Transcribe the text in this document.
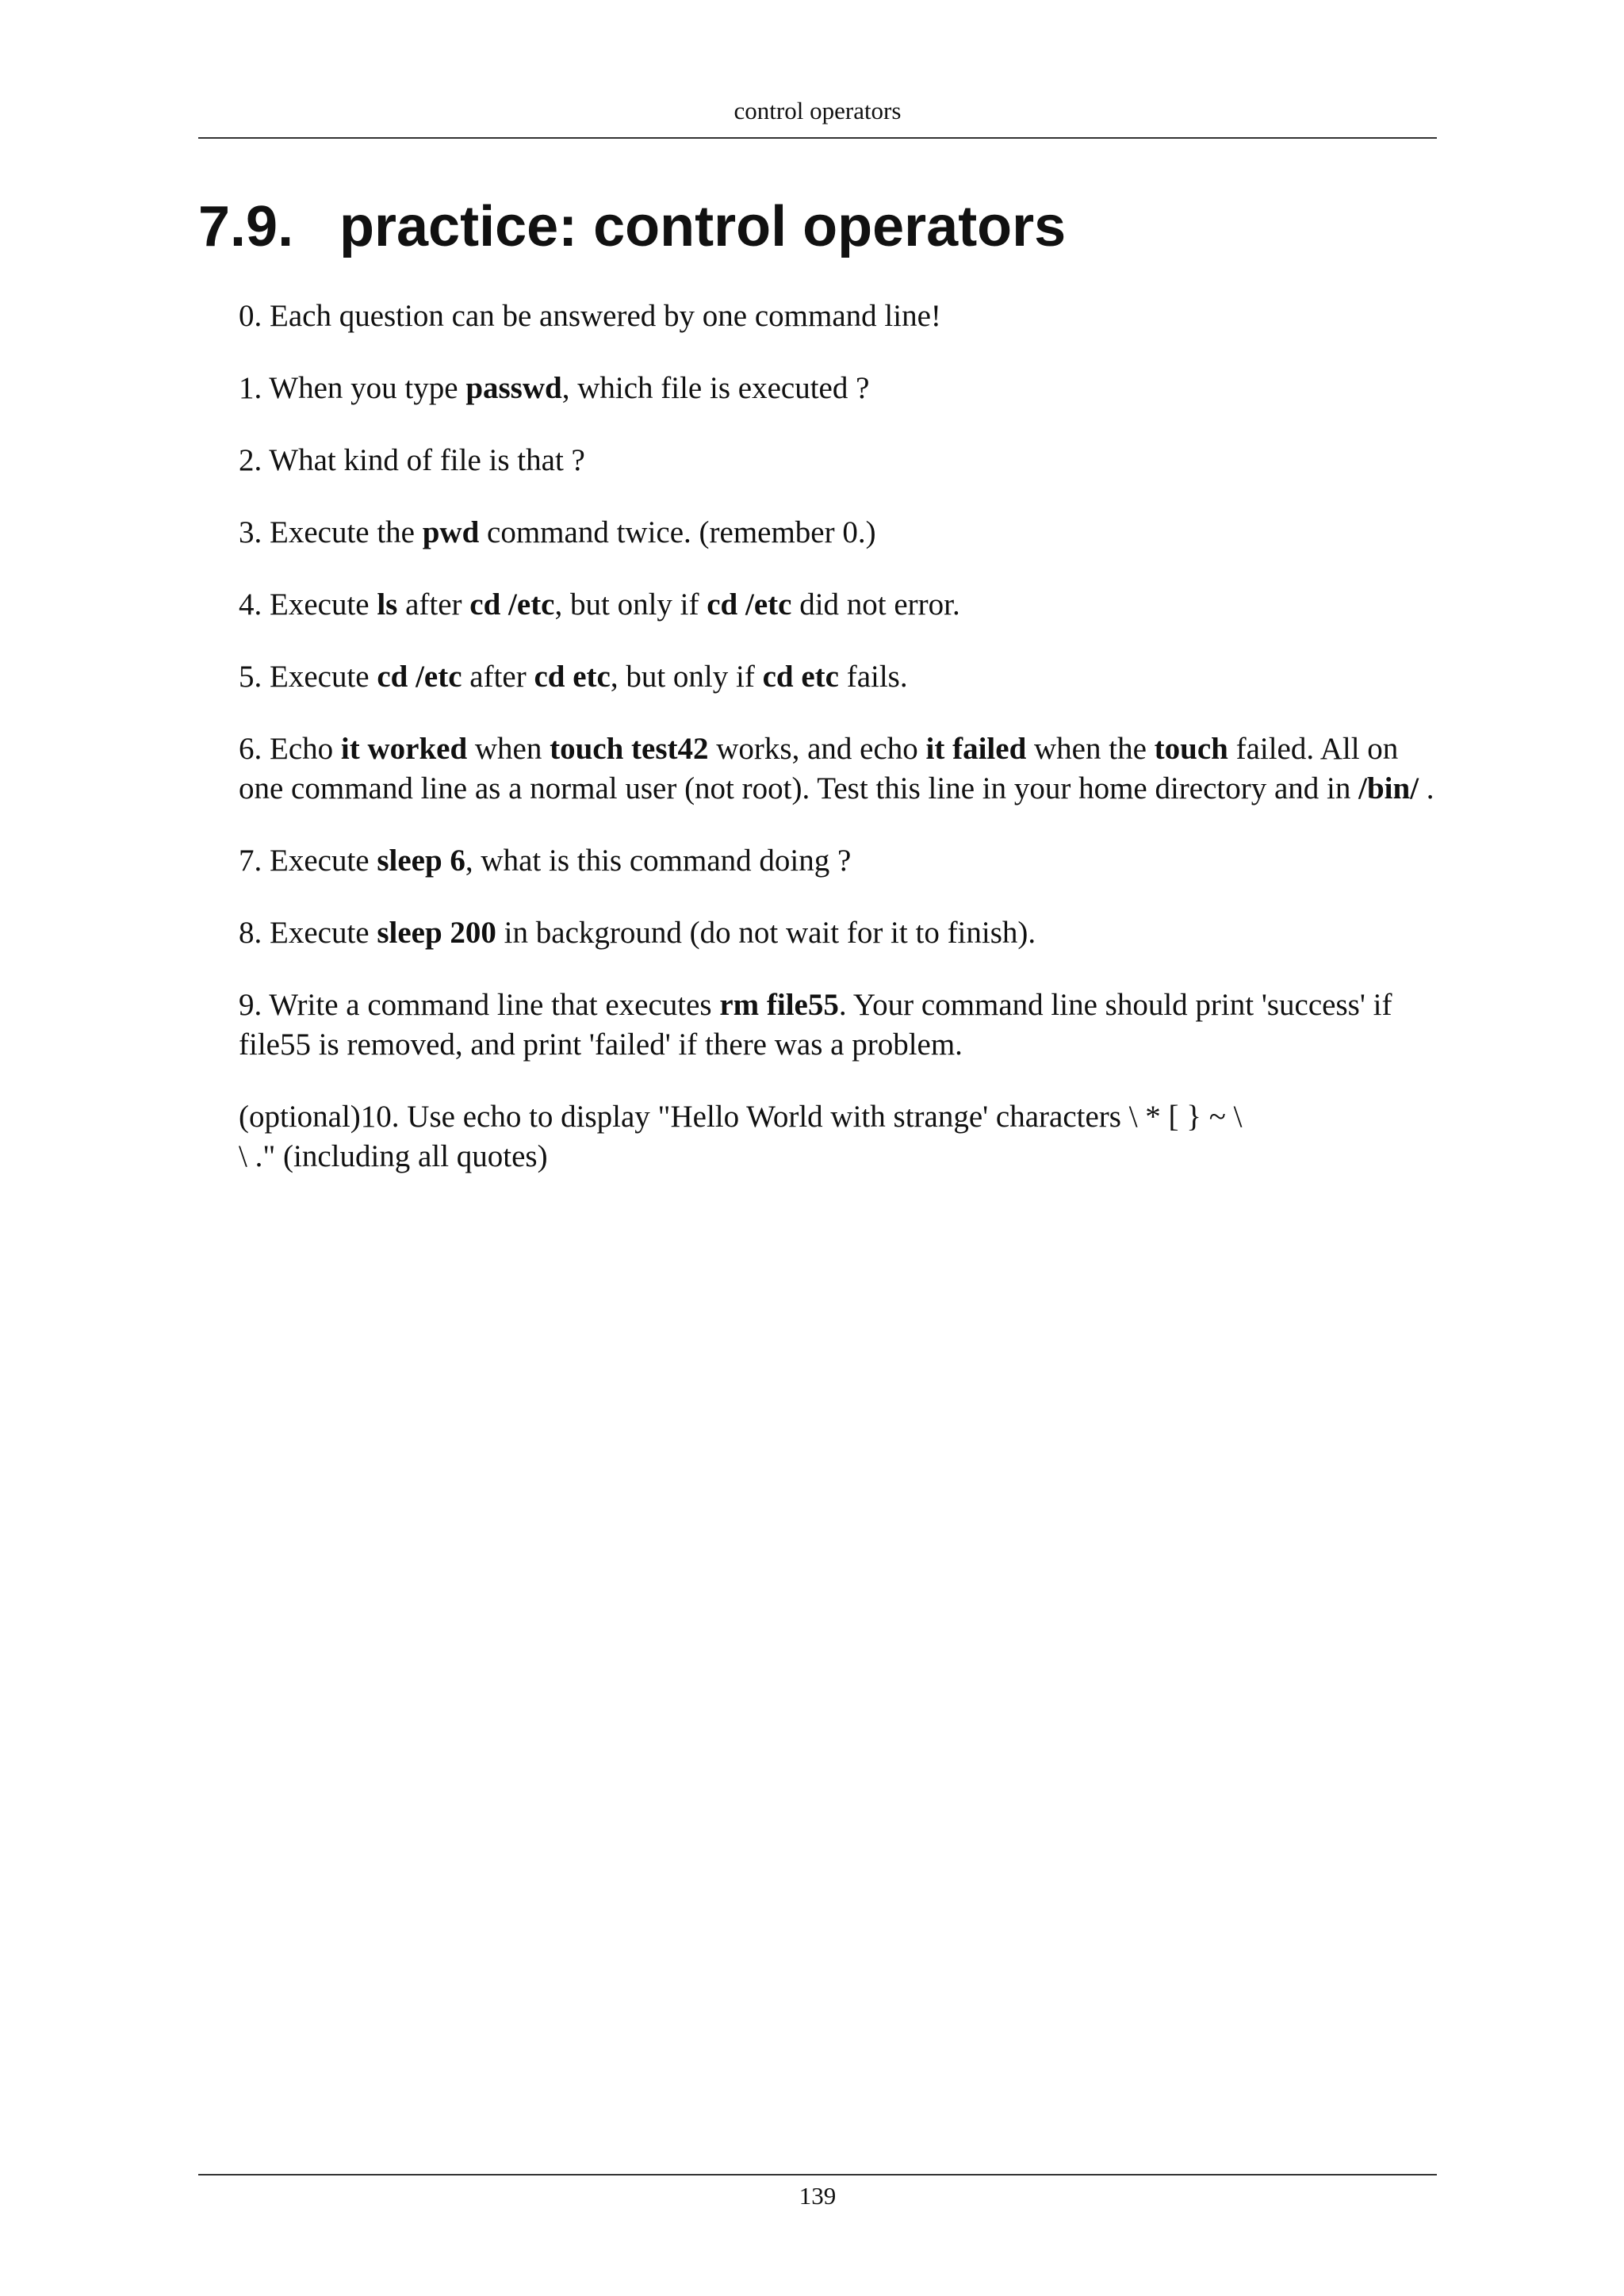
control operators
7.9. practice: control operators

0. Each question can be answered by one command line!

1. When you type passwd, which file is executed ?

2. What kind of file is that ?

3. Execute the pwd command twice. (remember 0.)

4. Execute ls after cd /etc, but only if cd /etc did not error.

5. Execute cd /etc after cd etc, but only if cd etc fails.

6. Echo it worked when touch test42 works, and echo it failed when the touch failed. All on one command line as a normal user (not root). Test this line in your home directory and in /bin/ .

7. Execute sleep 6, what is this command doing ?

8. Execute sleep 200 in background (do not wait for it to finish).

9. Write a command line that executes rm file55. Your command line should print 'success' if file55 is removed, and print 'failed' if there was a problem.

(optional)10. Use echo to display "Hello World with strange' characters \ * [ } ~ \
\ ." (including all quotes)

139
